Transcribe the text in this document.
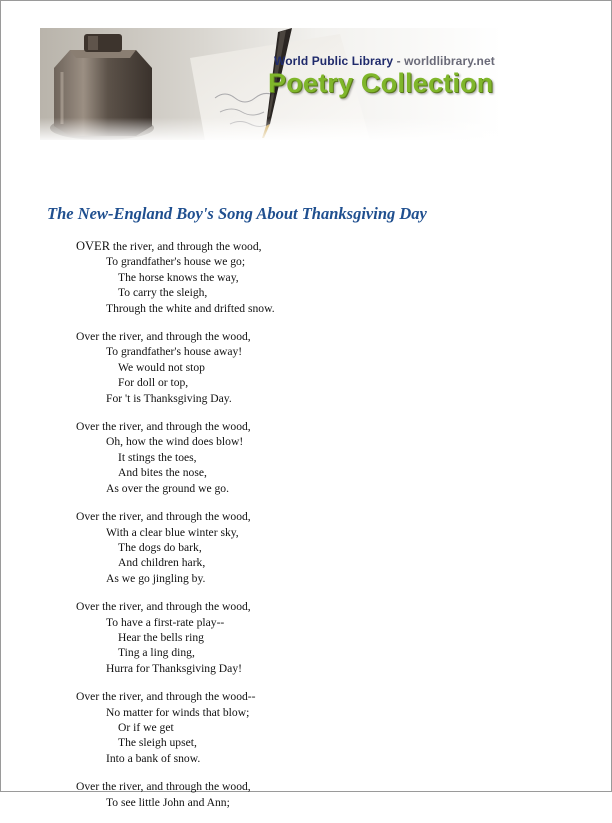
World Public Library - worldlibrary.net
Poetry Collection
The New-England Boy's Song About Thanksgiving Day
OVER the river, and through the wood,
To grandfather's house we go;
The horse knows the way,
To carry the sleigh,
Through the white and drifted snow.
Over the river, and through the wood,
To grandfather's house away!
We would not stop
For doll or top,
For 't is Thanksgiving Day.
Over the river, and through the wood,
Oh, how the wind does blow!
It stings the toes,
And bites the nose,
As over the ground we go.
Over the river, and through the wood,
With a clear blue winter sky,
The dogs do bark,
And children hark,
As we go jingling by.
Over the river, and through the wood,
To have a first-rate play--
Hear the bells ring
Ting a ling ding,
Hurra for Thanksgiving Day!
Over the river, and through the wood--
No matter for winds that blow;
Or if we get
The sleigh upset,
Into a bank of snow.
Over the river, and through the wood,
To see little John and Ann;
